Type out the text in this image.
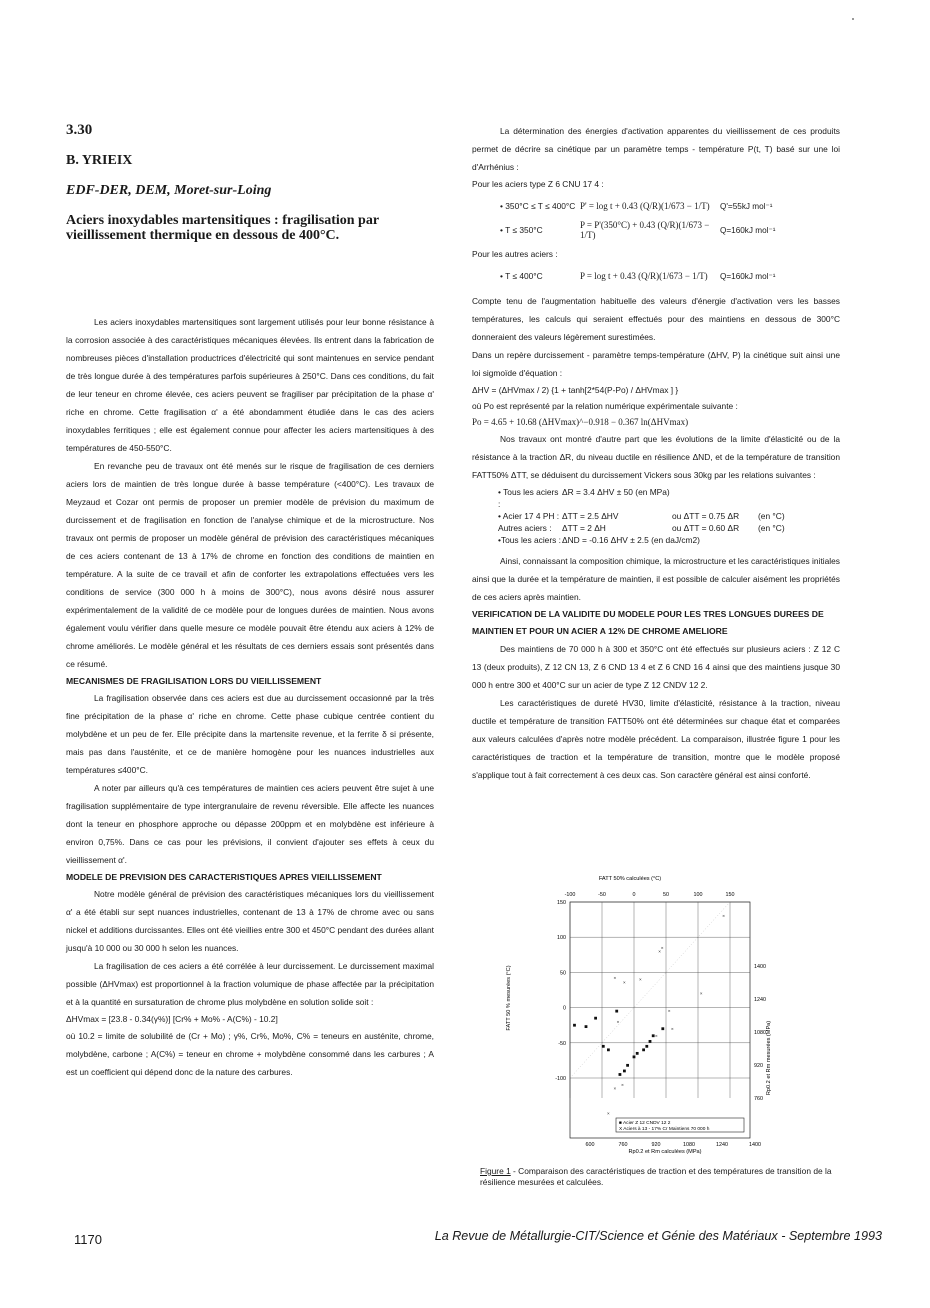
3.30

B. YRIEIX

EDF-DER, DEM, Moret-sur-Loing

Aciers inoxydables martensitiques : fragilisation par vieillissement thermique en dessous de 400°C.

Les aciers inoxydables martensitiques sont largement utilisés pour leur bonne résistance à la corrosion associée à des caractéristiques mécaniques élevées. Ils entrent dans la fabrication de nombreuses pièces d'installation productrices d'électricité qui sont maintenues en service pendant de très longue durée à des températures parfois supérieures à 250°C. Dans ces conditions, du fait de leur teneur en chrome élevée, ces aciers peuvent se fragiliser par précipitation de la phase α' riche en chrome. Cette fragilisation α' a été abondamment étudiée dans le cas des aciers inoxydables ferritiques ; elle est également connue pour affecter les aciers martensitiques à des températures de 450-550°C.

En revanche peu de travaux ont été menés sur le risque de fragilisation de ces derniers aciers lors de maintien de très longue durée à basse température (<400°C). Les travaux de Meyzaud et Cozar ont permis de proposer un premier modèle de prévision du maximum de durcissement et de fragilisation en fonction de l'analyse chimique et de la microstructure. Nos travaux ont permis de proposer un modèle général de prévision des caractéristiques mécaniques de ces aciers contenant de 13 à 17% de chrome en fonction des conditions de maintien en température. A la suite de ce travail et afin de conforter les extrapolations effectuées vers les conditions de service (300 000 h à moins de 300°C), nous avons désiré nous assurer expérimentalement de la validité de ce modèle pour de longues durées de maintien. Nous avons également voulu vérifier dans quelle mesure ce modèle pouvait être étendu aux aciers à 12% de chrome améliorés. Le modèle général et les résultats de ces derniers essais sont présentés dans ce résumé.

MECANISMES DE FRAGILISATION LORS DU VIEILLISSEMENT

La fragilisation observée dans ces aciers est due au durcissement occasionné par la très fine précipitation de la phase α' riche en chrome. Cette phase cubique centrée contient du molybdène et un peu de fer. Elle précipite dans la martensite revenue, et la ferrite δ si présente, mais pas dans l'austénite, et ce de manière homogène pour les nuances industrielles aux températures ≤400°C.

A noter par ailleurs qu'à ces températures de maintien ces aciers peuvent être sujet à une fragilisation supplémentaire de type intergranulaire de revenu réversible. Elle affecte les nuances dont la teneur en phosphore approche ou dépasse 200ppm et en molybdène est inférieure à environ 0,75%. Dans ce cas pour les prévisions, il convient d'ajouter ses effets à ceux du vieillissement α'.

MODELE DE PREVISION DES CARACTERISTIQUES APRES VIEILLISSEMENT

Notre modèle général de prévision des caractéristiques mécaniques lors du vieillissement α' a été établi sur sept nuances industrielles, contenant de 13 à 17% de chrome avec ou sans nickel et additions durcissantes. Elles ont été vieillies entre 300 et 450°C pendant des durées allant jusqu'à 10 000 ou 30 000 h selon les nuances.

La fragilisation de ces aciers a été corrélée à leur durcissement. Le durcissement maximal possible (ΔHVmax) est proportionnel à la fraction volumique de phase affectée par la précipitation et à la quantité en sursaturation de chrome plus molybdène en solution solide soit :

ΔHVmax = [23.8 - 0.34(γ%)] [Cr% + Mo% - A(C%) - 10.2]

où 10.2 = limite de solubilité de (Cr + Mo) ; γ%, Cr%, Mo%, C% = teneurs en austénite, chrome, molybdène, carbone ; A(C%) = teneur en chrome + molybdène consommé dans les carbures ; A est un coefficient qui dépend donc de la nature des carbures.

La détermination des énergies d'activation apparentes du vieillissement de ces produits permet de décrire sa cinétique par un paramètre temps - température P(t, T) basé sur une loi d'Arrhénius :

Pour les aciers type Z 6 CNU 17 4 :

• 350°C ≤ T ≤ 400°C P' = log t + 0.43 (Q/R)(1/673 − 1/T)	Q'=55kJ mol⁻¹
• T ≤ 350°C	P = P'(350°C) + 0.43 (Q/R)(1/673 − 1/T)	Q=160kJ mol⁻¹

Pour les autres aciers :

• T ≤ 400°C	P = log t + 0.43 (Q/R)(1/673 − 1/T)	Q=160kJ mol⁻¹

Compte tenu de l'augmentation habituelle des valeurs d'énergie d'activation vers les basses températures, les calculs qui seraient effectués pour des maintiens en dessous de 300°C donneraient des valeurs légèrement surestimées.

Dans un repère durcissement - paramètre temps-température (ΔHV, P) la cinétique suit ainsi une loi sigmoïde d'équation :

ΔHV = (ΔHVmax / 2) {1 + tanh[2*54(P-Po) / ΔHVmax ] }

où Po est représenté par la relation numérique expérimentale suivante :

Po = 4.65 + 10.68 (ΔHVmax)^−0.918 − 0.367 ln(ΔHVmax)

Nos travaux ont montré d'autre part que les évolutions de la limite d'élasticité ou de la résistance à la traction ΔR, du niveau ductile en résilience ΔND, et de la température de transition FATT50% ΔTT, se déduisent du durcissement Vickers sous 30kg par les relations suivantes :

• Tous les aciers :
ΔR = 3.4 ΔHV ± 50 (en MPa)
• Acier 17 4 PH : ΔTT = 2.5 ΔHV	ou ΔTT = 0.75 ΔR	(en °C)
Autres aciers :	ΔTT = 2 ΔH	ou ΔTT = 0.60 ΔR	(en °C)
•Tous les aciers : ΔND = -0.16 ΔHV ± 2.5 (en daJ/cm2)

Ainsi, connaissant la composition chimique, la microstructure et les caractéristiques initiales ainsi que la durée et la température de maintien, il est possible de calculer aisément les propriétés de ces aciers après maintien.

VERIFICATION DE LA VALIDITE DU MODELE POUR LES TRES LONGUES DUREES DE MAINTIEN ET POUR UN ACIER A 12% DE CHROME AMELIORE

Des maintiens de 70 000 h à 300 et 350°C ont été effectués sur plusieurs aciers : Z 12 C 13 (deux produits), Z 12 CN 13, Z 6 CND 13 4 et Z 6 CND 16 4 ainsi que des maintiens jusque 30 000 h entre 300 et 400°C sur un acier de type Z 12 CNDV 12 2.

Les caractéristiques de dureté HV30, limite d'élasticité, résistance à la traction, niveau ductile et température de transition FATT50% ont été déterminées sur chaque état et comparées aux valeurs calculées d'après notre modèle précédent. La comparaison, illustrée figure 1 pour les caractéristiques de traction et la température de transition, montre que le modèle proposé s'applique tout à fait correctement à ces deux cas. Son caractère général est ainsi conforté.

FATT 50% calculées (°C)
FATT 50 % mesurées (°C)
Rp0.2 et Rm mesurées (MPa)
Rp0.2 et Rm calculées (MPa)
-100	-50	0	50	100	150
150
100
50
0
-50
-100
1400
1240
1080
920
760
600	760	920	1080	1240	1400
×
×
×
×
×
×
×
×
×
×
×
×
×
×
■ Acier Z 12 CNDV 12 2
X Aciers à 13 - 17% Cr Maintiens 70 000 h
Figure 1 - Comparaison des caractéristiques de traction et des températures de transition de la résilience mesurées et calculées.
1170	La Revue de Métallurgie-CIT/Science et Génie des Matériaux - Septembre 1993
